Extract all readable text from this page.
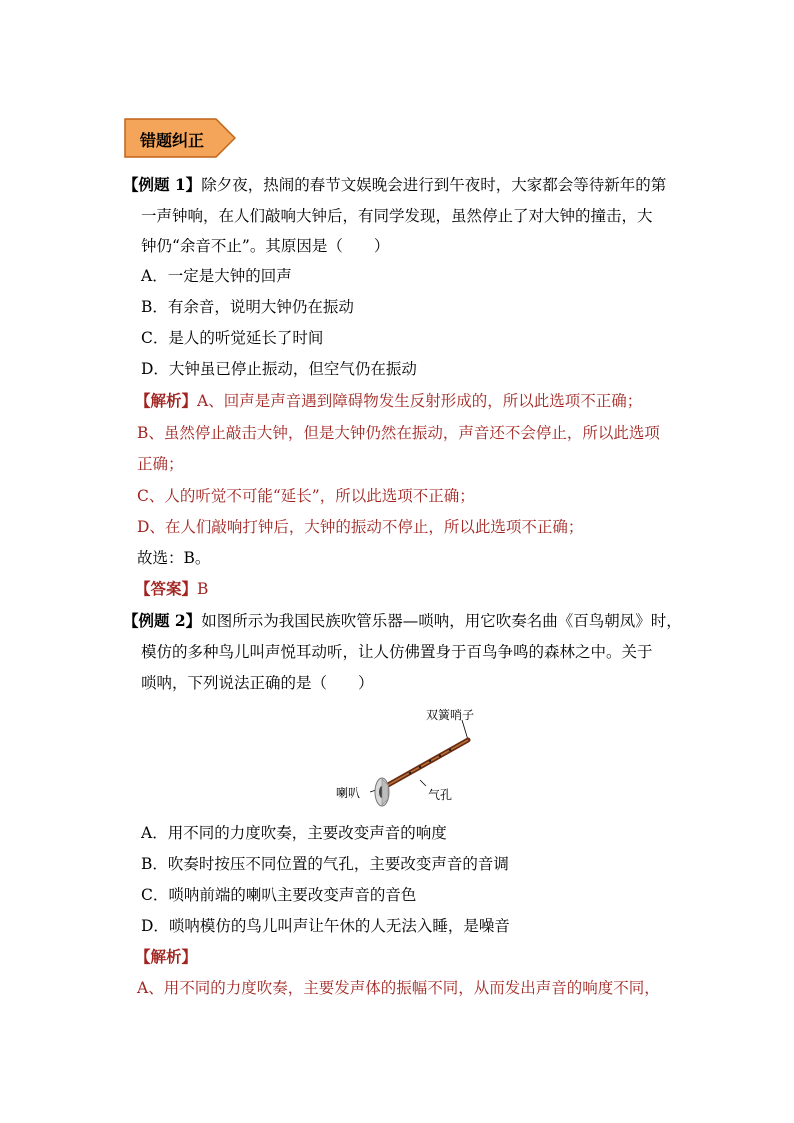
错题纠正
【例题 1】除夕夜，热闹的春节文娱晚会进行到午夜时，大家都会等待新年的第
一声钟响，在人们敲响大钟后，有同学发现，虽然停止了对大钟的撞击，大
钟仍“余音不止”。其原因是（　　）
A．一定是大钟的回声
B．有余音，说明大钟仍在振动
C．是人的听觉延长了时间
D．大钟虽已停止振动，但空气仍在振动
【解析】A、回声是声音遇到障碍物发生反射形成的，所以此选项不正确；
B、虽然停止敲击大钟，但是大钟仍然在振动，声音还不会停止，所以此选项
正确；
C、人的听觉不可能“延长”，所以此选项不正确；
D、在人们敲响打钟后，大钟的振动不停止，所以此选项不正确；
故选：B。
【答案】B
【例题 2】如图所示为我国民族吹管乐器—唢呐，用它吹奏名曲《百鸟朝凤》时，
模仿的多种鸟儿叫声悦耳动听，让人仿佛置身于百鸟争鸣的森林之中。关于
唢呐，下列说法正确的是（　　）
双簧哨子
喇叭	气孔
A．用不同的力度吹奏，主要改变声音的响度
B．吹奏时按压不同位置的气孔，主要改变声音的音调
C．唢呐前端的喇叭主要改变声音的音色
D．唢呐模仿的鸟儿叫声让午休的人无法入睡，是噪音
【解析】
A、用不同的力度吹奏，主要发声体的振幅不同，从而发出声音的响度不同，
